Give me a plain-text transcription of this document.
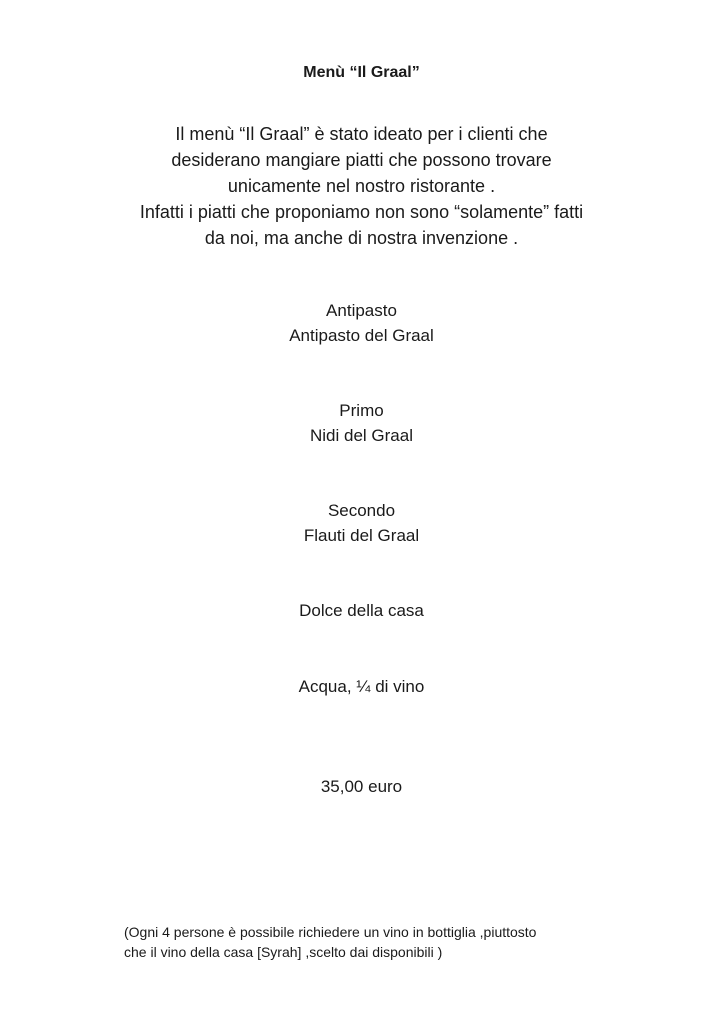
Menù “Il Graal”
Il menù “Il Graal” è stato ideato per i clienti che
desiderano mangiare piatti che possono trovare
unicamente nel nostro ristorante .
Infatti i piatti che proponiamo non sono “solamente” fatti
da noi, ma anche di nostra invenzione .
Antipasto
Antipasto del Graal
Primo
Nidi del Graal
Secondo
Flauti del Graal
Dolce della casa
Acqua, ¼ di vino
35,00 euro
(Ogni 4 persone è possibile richiedere un vino in bottiglia ,piuttosto
che il vino della casa [Syrah] ,scelto dai disponibili )
